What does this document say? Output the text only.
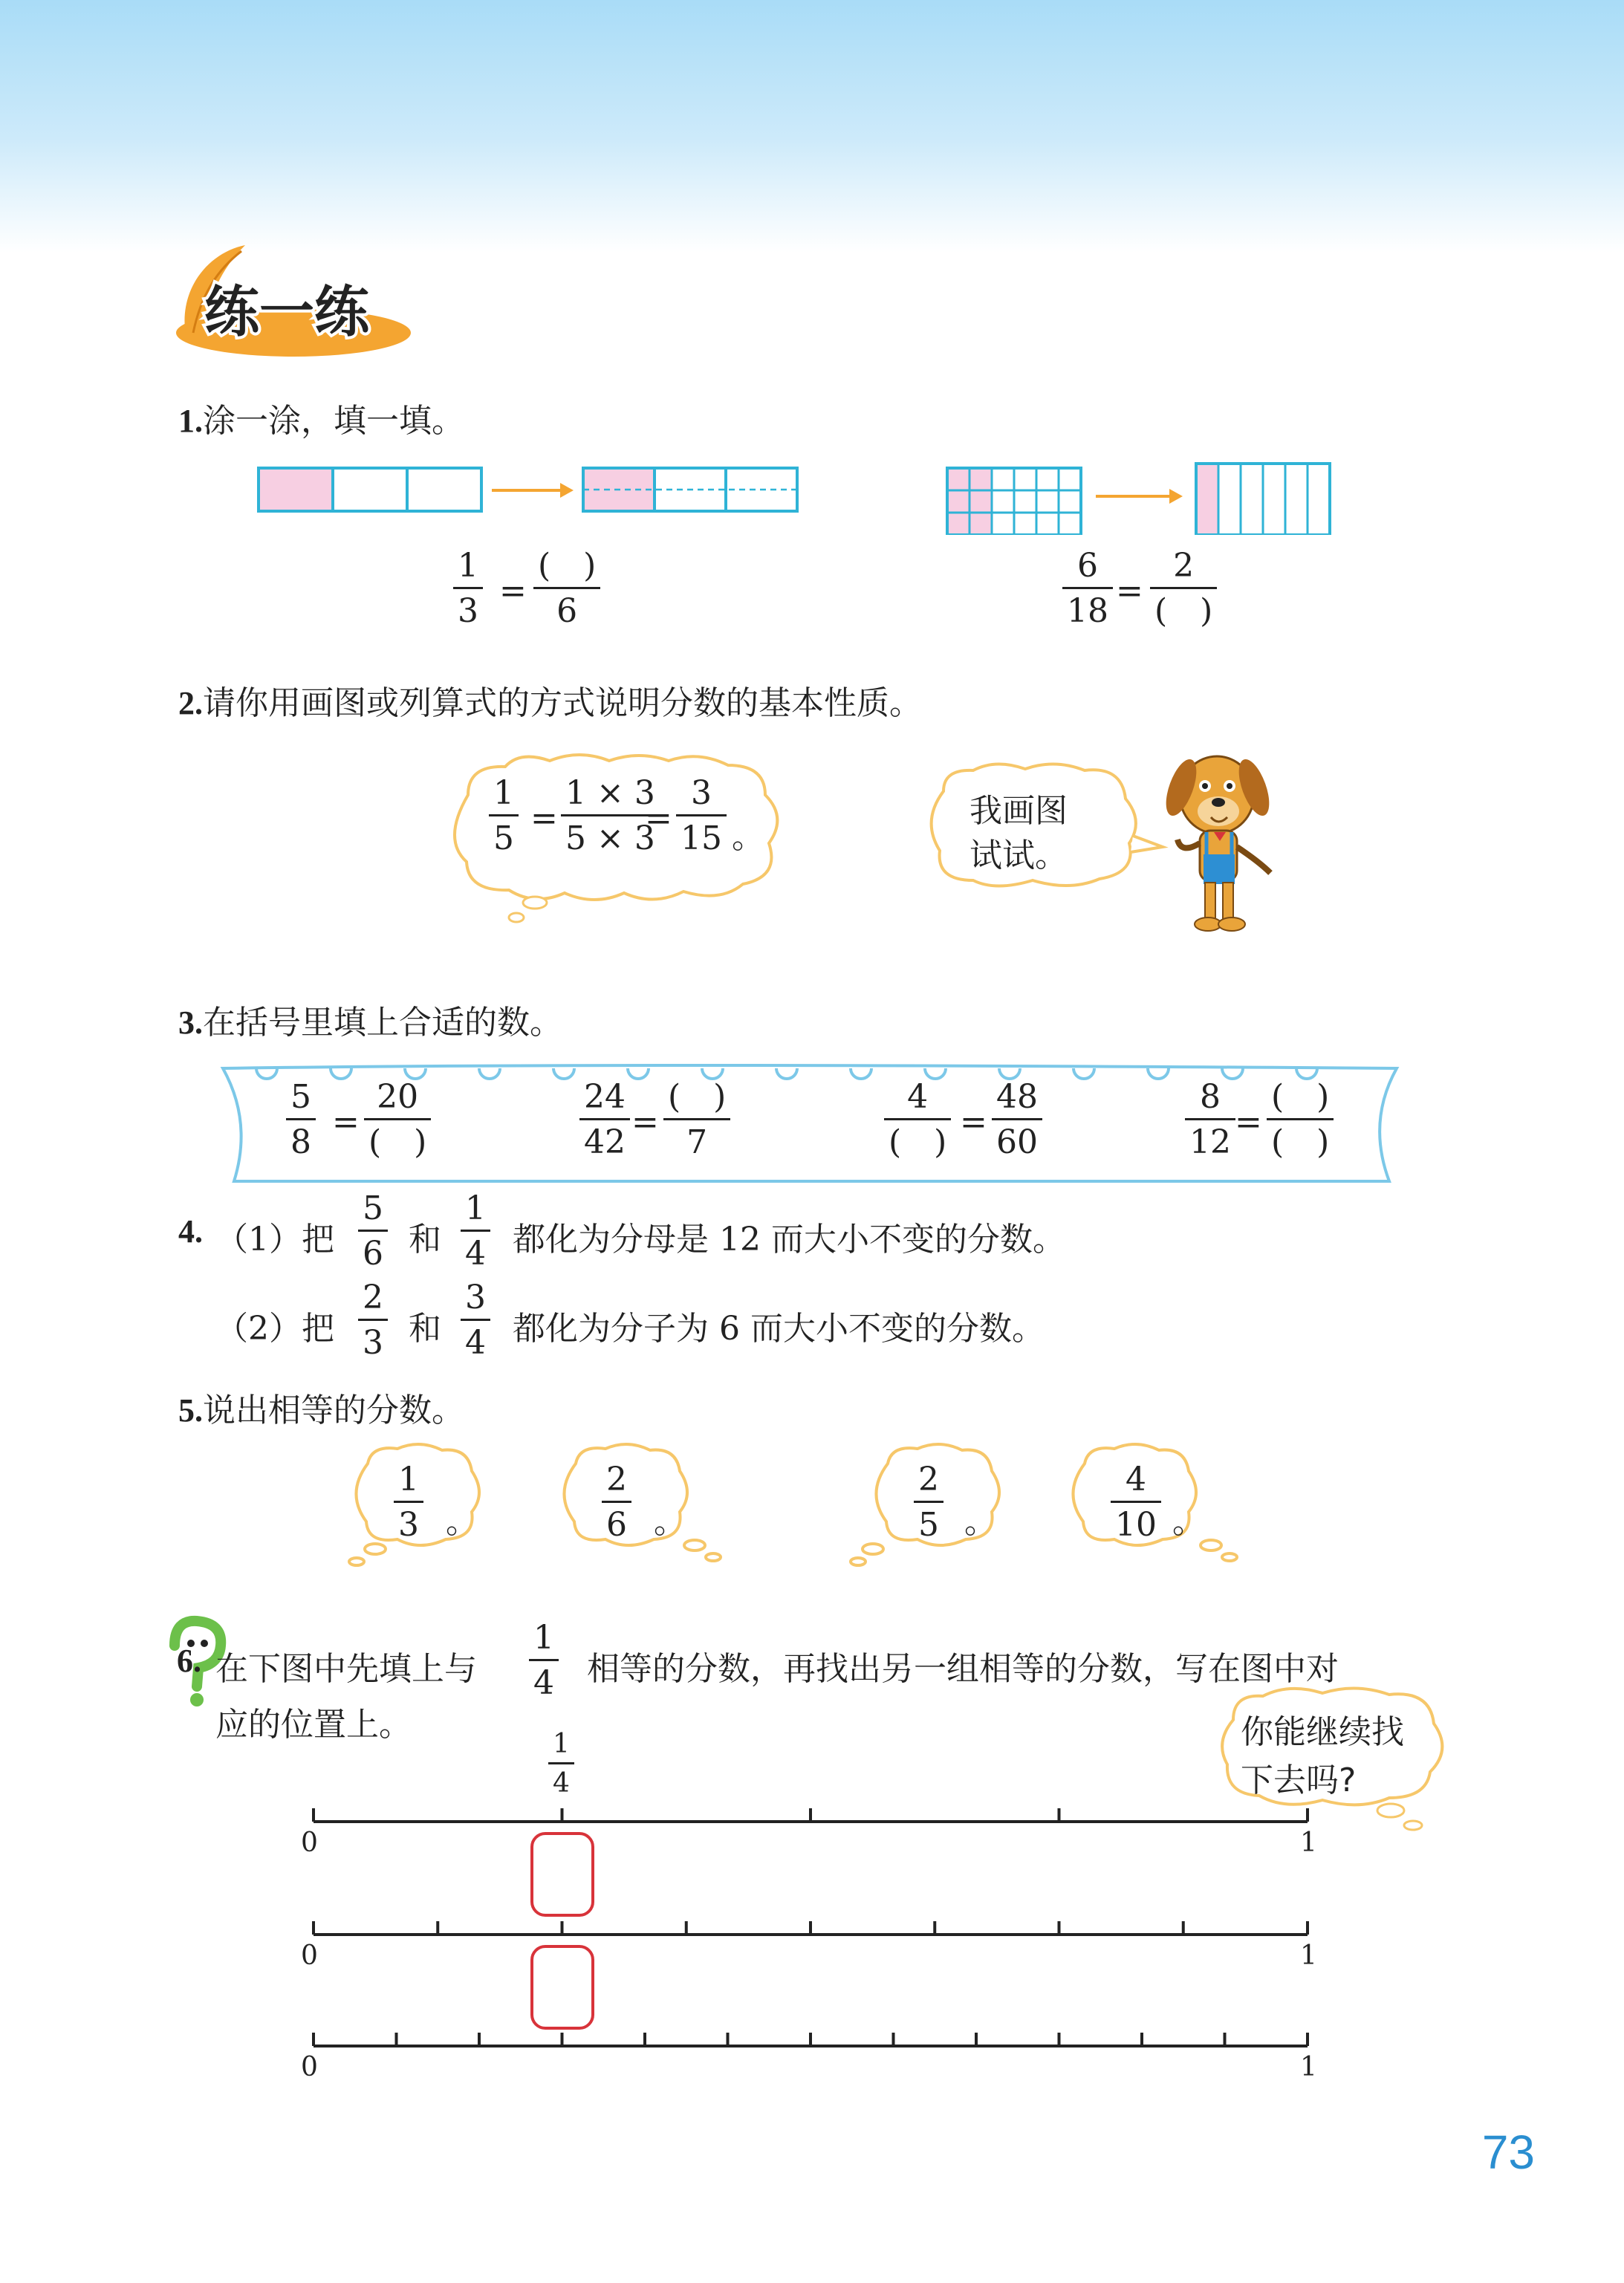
练一练
1.涂一涂，填一填。
1
3
=
(　)
6
6
18
=
2
(　)
2.请你用画图或列算式的方式说明分数的基本性质。
1
5
=
1 × 3
5 × 3
=
3
15 。
我画图
试试。
3.在括号里填上合适的数。
5
8
=
20
(　)
24
42
=
(　)
7
4
(　)
=
48
60
8
12
=
(　)
(　)
4. （1）把
5
6 和
1
4 都化为分母是 12 而大小不变的分数。
（2）把
2
3 和
3
4 都化为分子为 6 而大小不变的分数。
5.说出相等的分数。
1
3 。
2
6 。
2
5 。
4
10 。
6. 在下图中先填上与
1
4 相等的分数，再找出另一组相等的分数，写在图中对
应的位置上。	你能继续找
下去吗?
1
4
0	1
0	1
0	1
73
